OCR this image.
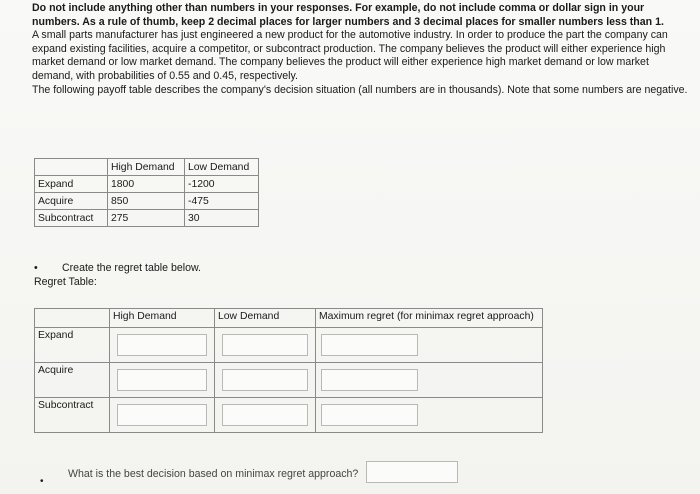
Do not include anything other than numbers in your responses. For example, do not include comma or dollar sign in your numbers. As a rule of thumb, keep 2 decimal places for larger numbers and 3 decimal places for smaller numbers less than 1.

A small parts manufacturer has just engineered a new product for the automotive industry. In order to produce the part the company can expand existing facilities, acquire a competitor, or subcontract production. The company believes the product will either experience high market demand or low market demand. The company believes the product will either experience high market demand or low market demand, with probabilities of 0.55 and 0.45, respectively.

The following payoff table describes the company's decision situation (all numbers are in thousands). Note that some numbers are negative.

	High Demand	Low Demand
Expand	1800	-1200
Acquire	850	-475
Subcontract	275	30
• Create the regret table below.
Regret Table:
	High Demand	Low Demand	Maximum regret (for minimax regret approach)
Expand	

Acquire	

Subcontract	

•
What is the best decision based on minimax regret approach?
